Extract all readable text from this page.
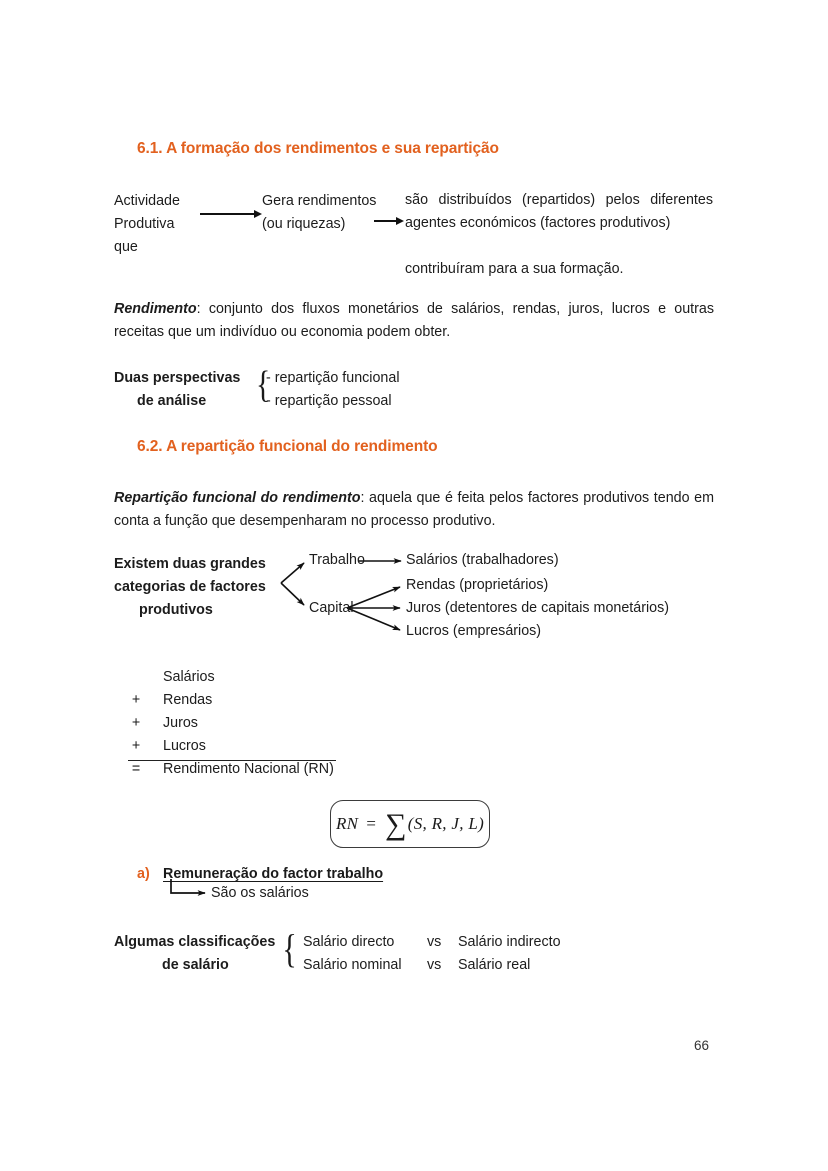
6.1. A formação dos rendimentos e sua repartição
Actividade
Produtiva
que
Gera rendimentos
(ou riquezas)
são distribuídos (repartidos) pelos diferentes agentes económicos (factores produtivos)
contribuíram para a sua formação.
Rendimento: conjunto dos fluxos monetários de salários, rendas, juros, lucros e outras receitas que um indivíduo ou economia podem obter.
Duas perspectivas
de análise {
- repartição funcional
- repartição pessoal
6.2. A repartição funcional do rendimento
Repartição funcional do rendimento: aquela que é feita pelos factores produtivos tendo em conta a função que desempenharam no processo produtivo.
Existem duas grandes
categorias de factores
produtivos
Trabalho
Capital
Salários (trabalhadores)
Rendas (proprietários)
Juros (detentores de capitais monetários)
Lucros (empresários)
Salários
+ Rendas
+ Juros
+ Lucros
= Rendimento Nacional (RN)
RN = ∑ (S, R, J, L)
a) Remuneração do factor trabalho
São os salários
Algumas classificações
de salário { Salário directo vs Salário indirecto
Salário nominal vs Salário real
66
